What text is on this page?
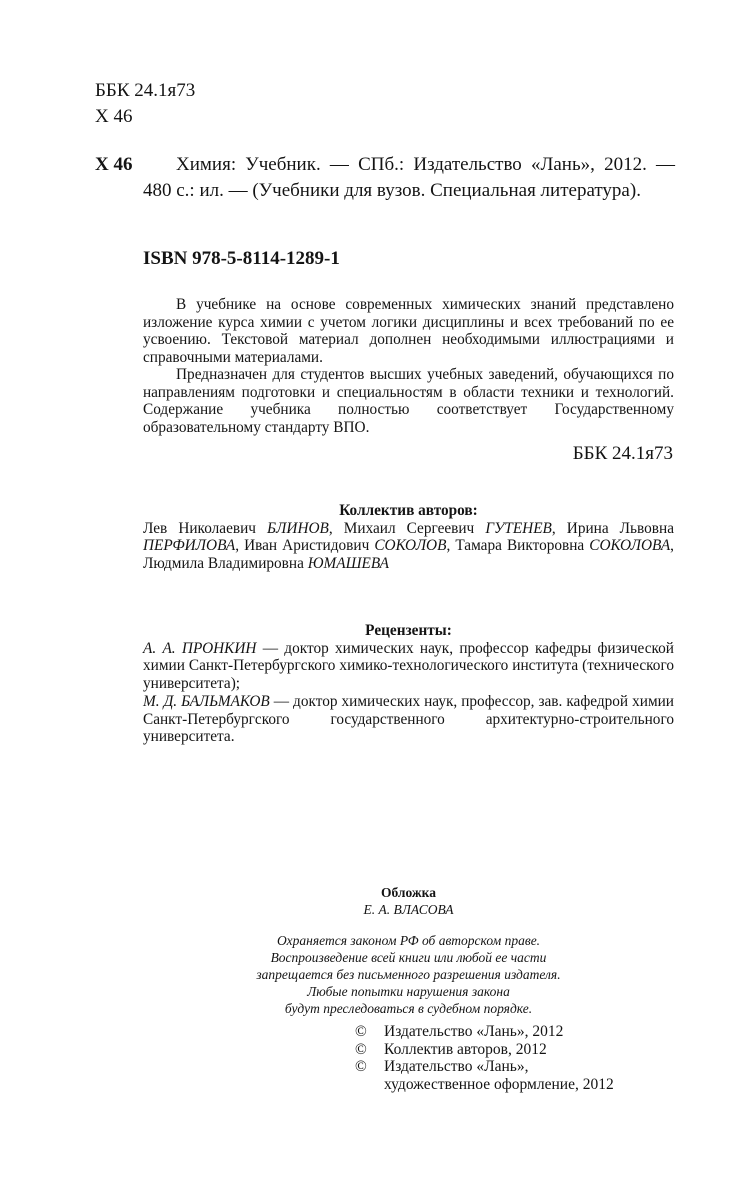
ББК 24.1я73
Х 46
Х 46	Химия: Учебник. — СПб.: Издательство «Лань», 2012. — 480 с.: ил. — (Учебники для вузов. Специальная литература).
ISBN 978-5-8114-1289-1

В учебнике на основе современных химических знаний представлено изложение курса химии с учетом логики дисциплины и всех требований по ее усвоению. Текстовой материал дополнен необходимыми иллюстрациями и справочными материалами.

Предназначен для студентов высших учебных заведений, обучающихся по направлениям подготовки и специальностям в области техники и технологий. Содержание учебника полностью соответствует Государственному образовательному стандарту ВПО.

ББК 24.1я73
Коллектив авторов:
Лев Николаевич БЛИНОВ, Михаил Сергеевич ГУТЕНЕВ, Ирина Львовна ПЕРФИЛОВА, Иван Аристидович СОКОЛОВ, Тамара Викторовна СОКОЛОВА, Людмила Владимировна ЮМАШЕВА
Рецензенты:

А. А. ПРОНКИН — доктор химических наук, профессор кафедры физической химии Санкт-Петербургского химико-технологического института (технического университета);

М. Д. БАЛЬМАКОВ — доктор химических наук, профессор, зав. кафедрой химии Санкт-Петербургского государственного архитектурно-строительного университета.

Обложка
Е. А. ВЛАСОВА
Охраняется законом РФ об авторском праве.
Воспроизведение всей книги или любой ее части
запрещается без письменного разрешения издателя.
Любые попытки нарушения закона
будут преследоваться в судебном порядке.
©	Издательство «Лань», 2012
©	Коллектив авторов, 2012
©	Издательство «Лань»,
художественное оформление, 2012
